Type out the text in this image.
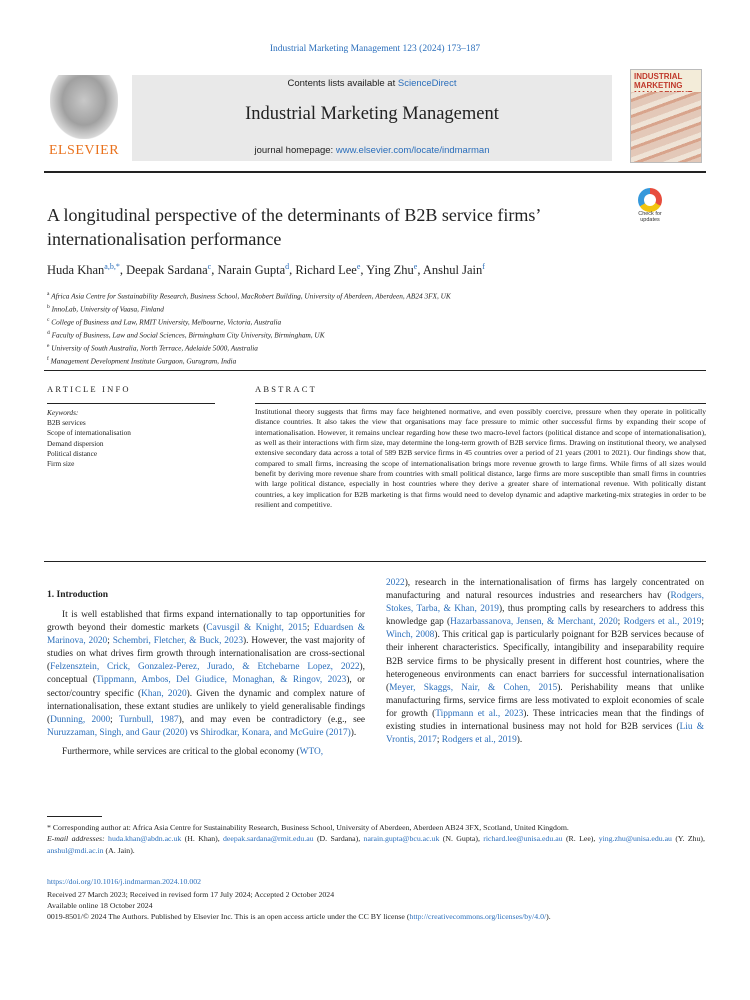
Industrial Marketing Management 123 (2024) 173–187
ELSEVIER
Contents lists available at ScienceDirect
Industrial Marketing Management
journal homepage: www.elsevier.com/locate/indmarman
INDUSTRIAL MARKETING
Check for updates
A longitudinal perspective of the determinants of B2B service firms’ internationalisation performance
Huda Khan$^{a,b,*}$, Deepak Sardana$^c$, Narain Gupta$^d$, Richard Lee$^e$, Ying Zhu$^e$, Anshul Jain$^f$
$^a$ Africa Asia Centre for Sustainability Research, Business School, MacRobert Building, University of Aberdeen, Aberdeen, AB24 3FX, UK
$^b$ InnoLab, University of Vaasa, Finland
$^c$ College of Business and Law, RMIT University, Melbourne, Victoria, Australia
$^d$ Faculty of Business, Law and Social Sciences, Birmingham City University, Birmingham, UK
$^e$ University of South Australia, North Terrace, Adelaide 5000, Australia
$^f$ Management Development Institute Gurgaon, Gurugram, India
ARTICLE INFO	ABSTRACT
Keywords:
B2B services
Scope of internationalisation
Demand dispersion
Political distance
Firm size
Institutional theory suggests that firms may face heightened normative, and even possibly coercive, pressure when they operate in politically distance countries. It also takes the view that organisations may face pressure to mimic other successful firms by expanding their scope of internationalisation. However, it remains unclear regarding how these two macro-level factors (political distance and scope of internationalisation), as well as their interactions with firm size, may determine the long-term growth of B2B service firms. Drawing on institutional theory, we analysed extensive secondary data across a total of 589 B2B service firms in 45 countries over a period of 21 years (2001 to 2021). Our findings show that, compared to small firms, increasing the scope of internationalisation brings more revenue growth to large firms. While firms of all sizes would benefit by deriving more revenue share from countries with small political distance, large firms are more susceptible than small firms in countries with large political distance, especially in host countries where they derive a greater share of international revenue. With politically distant countries, a key implication for B2B marketing is that firms would need to develop dynamic and adaptive marketing-mix strategies in order to be resilient and competitive.
1. Introduction

It is well established that firms expand internationally to tap opportunities for growth beyond their domestic markets (Cavusgil & Knight, 2015; Eduardsen & Marinova, 2020; Schembri, Fletcher, & Buck, 2023). However, the vast majority of studies on what drives firm growth through internationalisation are cross-sectional (Felzensztein, Crick, Gonzalez-Perez, Jurado, & Etchebarne Lopez, 2022), conceptual (Tippmann, Ambos, Del Giudice, Monaghan, & Ringov, 2023), or sector/country specific (Khan, 2020). Given the dynamic and complex nature of internationalisation, these extant studies are unlikely to yield generalisable findings (Dunning, 2000; Turnbull, 1987), and may even be contradictory (e.g., see Nuruzzaman, Singh, and Gaur (2020) vs Shirodkar, Konara, and McGuire (2017)).

Furthermore, while services are critical to the global economy (WTO,

2022), research in the internationalisation of firms has largely concentrated on manufacturing and natural resources industries and researchers hav (Rodgers, Stokes, Tarba, & Khan, 2019), thus prompting calls by researchers to address this knowledge gap (Hazarbassanova, Jensen, & Merchant, 2020; Rodgers et al., 2019; Winch, 2008). This critical gap is particularly poignant for B2B services because of their inherent characteristics. Specifically, intangibility and inseparability require B2B service firms to be physically present in different host countries, where the heterogeneous environments can enact barriers for successful internationalisation (Meyer, Skaggs, Nair, & Cohen, 2015). Perishability means that unlike manufacturing firms, service firms are less motivated to exploit economies of scale for growth (Tippmann et al., 2023). These intricacies mean that the findings of existing studies in international business may not hold for B2B services (Liu & Vrontis, 2017; Rodgers et al., 2019).

* Corresponding author at: Africa Asia Centre for Sustainability Research, Business School, University of Aberdeen, Aberdeen AB24 3FX, Scotland, United Kingdom.
E-mail addresses: huda.khan@abdn.ac.uk (H. Khan), deepak.sardana@rmit.edu.au (D. Sardana), narain.gupta@bcu.ac.uk (N. Gupta), richard.lee@unisa.edu.au (R. Lee), ying.zhu@unisa.edu.au (Y. Zhu), anshul@mdi.ac.in (A. Jain).
https://doi.org/10.1016/j.indmarman.2024.10.002
Received 27 March 2023; Received in revised form 17 July 2024; Accepted 2 October 2024
Available online 18 October 2024
0019-8501/© 2024 The Authors. Published by Elsevier Inc. This is an open access article under the CC BY license (http://creativecommons.org/licenses/by/4.0/).
